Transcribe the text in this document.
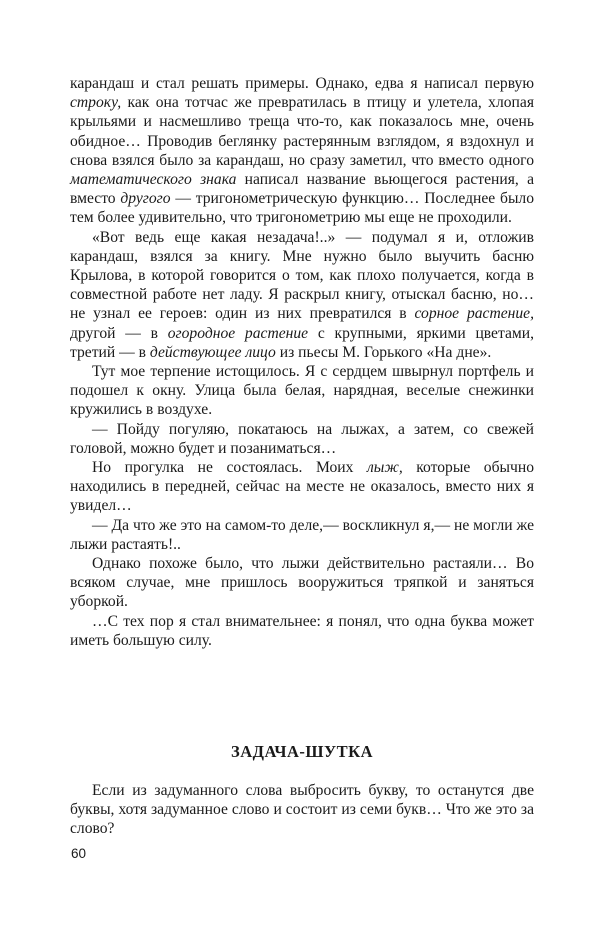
карандаш и стал решать примеры. Однако, едва я написал первую строку, как она тотчас же превратилась в птицу и улетела, хлопая крыльями и насмешливо треща что-то, как показалось мне, очень обидное… Проводив беглянку растерянным взглядом, я вздохнул и снова взялся было за карандаш, но сразу заметил, что вместо одного математического знака написал название вьющегося растения, а вместо другого — тригонометрическую функцию… Последнее было тем более удивительно, что тригонометрию мы еще не проходили.

«Вот ведь еще какая незадача!..» — подумал я и, отложив карандаш, взялся за книгу. Мне нужно было выучить басню Крылова, в которой говорится о том, как плохо получается, когда в совместной работе нет ладу. Я раскрыл книгу, отыскал басню, но… не узнал ее героев: один из них превратился в сорное растение, другой — в огородное растение с крупными, яркими цветами, третий — в действующее лицо из пьесы М. Горького «На дне».

Тут мое терпение истощилось. Я с сердцем швырнул портфель и подошел к окну. Улица была белая, нарядная, веселые снежинки кружились в воздухе.

— Пойду погуляю, покатаюсь на лыжах, а затем, со свежей головой, можно будет и позаниматься…

Но прогулка не состоялась. Моих лыж, которые обычно находились в передней, сейчас на месте не оказалось, вместо них я увидел…

— Да что же это на самом-то деле,— воскликнул я,— не могли же лыжи растаять!..

Однако похоже было, что лыжи действительно растаяли… Во всяком случае, мне пришлось вооружиться тряпкой и заняться уборкой.

…С тех пор я стал внимательнее: я понял, что одна буква может иметь большую силу.

ЗАДАЧА-ШУТКА

Если из задуманного слова выбросить букву, то останутся две буквы, хотя задуманное слово и состоит из семи букв… Что же это за слово?

60
